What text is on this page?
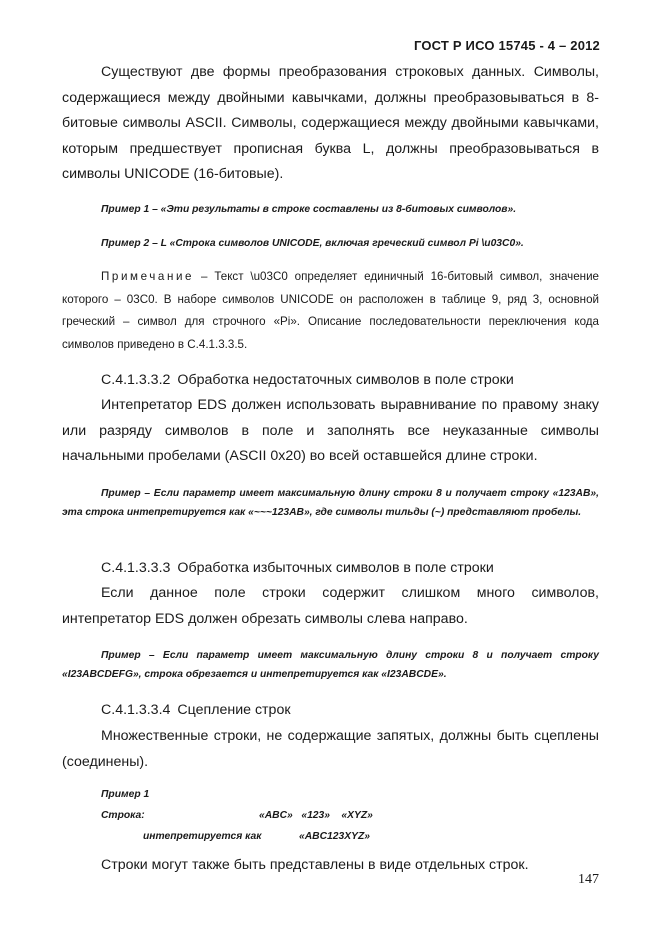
ГОСТ Р ИСО 15745 - 4 – 2012

Существуют две формы преобразования строковых данных. Символы, содержащиеся между двойными кавычками, должны преобразовываться в 8-битовые символы ASCII. Символы, содержащиеся между двойными кавычками, которым предшествует прописная буква L, должны преобразовываться в символы UNICODE (16-битовые).

Пример 1 – «Эти результаты в строке составлены из 8-битовых символов».

Пример 2 – L «Строка символов UNICODE, включая греческий символ Pi \u03C0».

Примечание – Текст \u03C0 определяет единичный 16-битовый символ, значение которого – 03C0. В наборе символов UNICODE он расположен в таблице 9, ряд 3, основной греческий – символ для строчного «Pi». Описание последовательности переключения кода символов приведено в С.4.1.3.3.5.

С.4.1.3.3.2 Обработка недостаточных символов в поле строки

Интепретатор EDS должен использовать выравнивание по правому знаку или разряду символов в поле и заполнять все неуказанные символы начальными пробелами (ASCII 0x20) во всей оставшейся длине строки.

Пример – Если параметр имеет максимальную длину строки 8 и получает строку «123AB», эта строка интепретируется как «~~~123AB», где символы тильды (~) представляют пробелы.

С.4.1.3.3.3 Обработка избыточных символов в поле строки

Если данное поле строки содержит слишком много символов, интепретатор EDS должен обрезать символы слева направо.

Пример – Если параметр имеет максимальную длину строки 8 и получает строку «I23ABCDEFG», строка обрезается и интепретируется как «I23ABCDE».

С.4.1.3.3.4 Сцепление строк

Множественные строки, не содержащие запятых, должны быть сцеплены (соединены).

Пример 1
Строка:	«ABC»   «123»    «XYZ»
интепретируется как	«ABC123XYZ»

Строки могут также быть представлены в виде отдельных строк.

147
